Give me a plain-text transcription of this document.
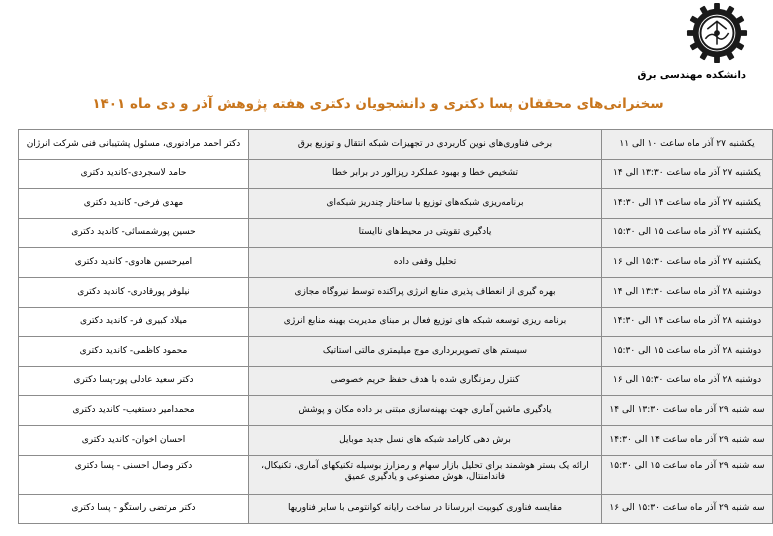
دانشکده مهندسی برق
سخنرانی‌های محققان پسا دکتری و دانشجویان دکتری هفته پژوهش آذر و دی ماه ۱۴۰۱
یکشنبه ۲۷ آذر ماه ساعت ۱۰ الی ۱۱	برخی فناوری‌های نوین کاربردی در تجهیزات شبکه انتقال و توزیع برق	دکتر احمد مرادنوری، مسئول پشتیبانی فنی شرکت انرژان
یکشنبه ۲۷ آذر ماه ساعت ۱۳:۳۰ الی ۱۴	تشخیص خطا و بهبود عملکرد رپزالور در برابر خطا	حامد لاسجردی-کاندید دکتری
یکشنبه ۲۷ آذر ماه ساعت ۱۴ الی ۱۴:۳۰	برنامه‌ریزی شبکه‌های توزیع با ساختار چندریز شبکه‌ای	مهدی فرخی- کاندید دکتری
یکشنبه ۲۷ آذر ماه ساعت ۱۵ الی ۱۵:۳۰	یادگیری تقویتی در محیط‌های ناایستا	حسین پورشمسائی- کاندید دکتری
یکشنبه ۲۷ آذر ماه ساعت ۱۵:۳۰ الی ۱۶	تحلیل وقفی داده	امیرحسین هادوی- کاندید دکتری
دوشنبه ۲۸ آذر ماه ساعت ۱۳:۳۰ الی ۱۴	بهره گیری از انعطاف پذیری منابع انرژی پراکنده توسط نیروگاه مجازی	نیلوفر پورقادری- کاندید دکتری
دوشنبه ۲۸ آذر ماه ساعت ۱۴ الی ۱۴:۳۰	برنامه ریزی توسعه شبکه های توزیع فعال بر مبنای مدیریت بهینه منابع انرژی	میلاد کبیری فر- کاندید دکتری
دوشنبه ۲۸ آذر ماه ساعت ۱۵ الی ۱۵:۳۰	سیستم های تصویربرداری موج میلیمتری مالتی استاتیک	محمود کاظمی- کاندید دکتری
دوشنبه ۲۸ آذر ماه ساعت ۱۵:۳۰ الی ۱۶	کنترل رمزنگاری شده با هدف حفظ حریم خصوصی	دکتر سعید عادلی پور-پسا دکتری
سه شنبه ۲۹ آذر ماه ساعت ۱۳:۳۰ الی ۱۴	یادگیری ماشین آماری جهت بهینه‌سازی مبتنی بر داده مکان و پوشش	محمدامیر دستغیب- کاندید دکتری
سه شنبه ۲۹ آذر ماه ساعت ۱۴ الی ۱۴:۳۰	برش دهی کارامد شبکه های نسل جدید موبایل	احسان اخوان- کاندید دکتری
سه شنبه ۲۹ آذر ماه ساعت ۱۵ الی ۱۵:۳۰	ارائه یک بستر هوشمند برای تحلیل بازار سهام و رمزارز بوسیله تکنیکهای آماری، تکنیکال، فاندامنتال، هوش مصنوعی و یادگیری عمیق	دکتر وصال احسنی - پسا دکتری
سه شنبه ۲۹ آذر ماه ساعت ۱۵:۳۰ الی ۱۶	مقایسه فناوری کیوبیت ابررسانا در ساخت رایانه کوانتومی با سایر فناوریها	دکتر مرتضی راستگو - پسا دکتری
